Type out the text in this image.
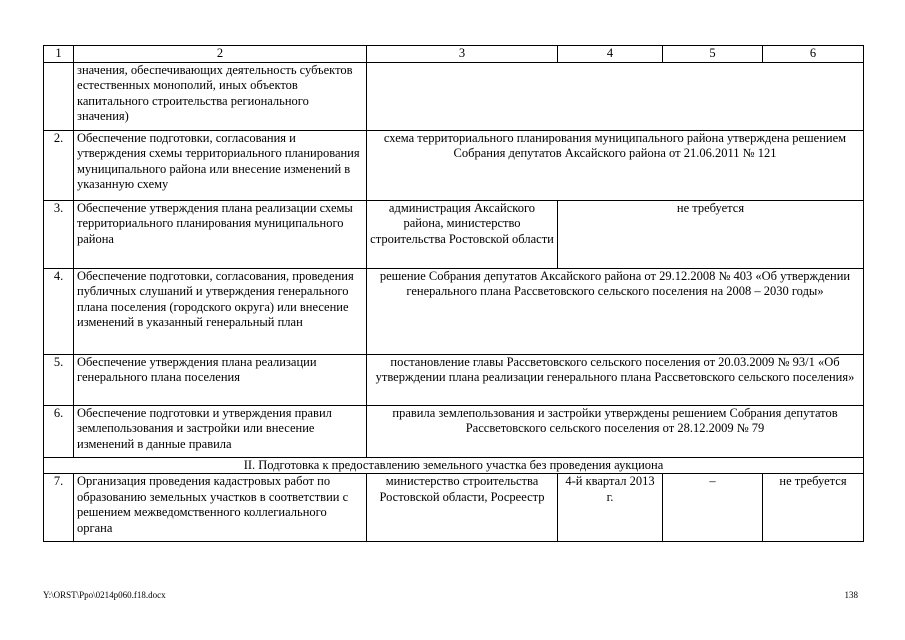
1	2	3	4	5	6
	значения, обеспечивающих деятельность субъектов естественных монополий, иных объектов капитального строительства регионального значения)				
2.	Обеспечение подготовки, согласования и утверждения схемы территориального планирования муниципального района или внесение изменений в указанную схему	схема территориального планирования муниципального района утверждена решением Собрания депутатов Аксайского района от 21.06.2011 № 121			
3.	Обеспечение утверждения плана реализации схемы территориального планирования муниципального района	администрация Аксайского района, министерство строительства Ростовской области	не требуется		
4.	Обеспечение подготовки, согласования, проведения публичных слушаний и утверждения генерального плана поселения (городского округа) или внесение изменений в указанный генеральный план	решение Собрания депутатов Аксайского района от 29.12.2008 № 403 «Об утверждении генерального плана Рассветовского сельского поселения на 2008 – 2030 годы»			
5.	Обеспечение утверждения плана реализации генерального плана поселения	постановление главы Рассветовского сельского поселения от 20.03.2009 № 93/1 «Об утверждении плана реализации генерального плана Рассветовского сельского поселения»			
6.	Обеспечение подготовки и утверждения правил землепользования и застройки или внесение изменений в данные правила	правила землепользования и застройки утверждены решением Собрания депутатов Рассветовского сельского поселения от 28.12.2009 № 79			
II. Подготовка к предоставлению земельного участка без проведения аукциона					
7.	Организация проведения кадастровых работ по образованию земельных участков в соответствии с решением межведомственного коллегиального органа	министерство строительства Ростовской области, Росреестр	4-й квартал 2013 г.	–	не требуется
Y:\ORST\Ppo\0214p060.f18.docx	138
